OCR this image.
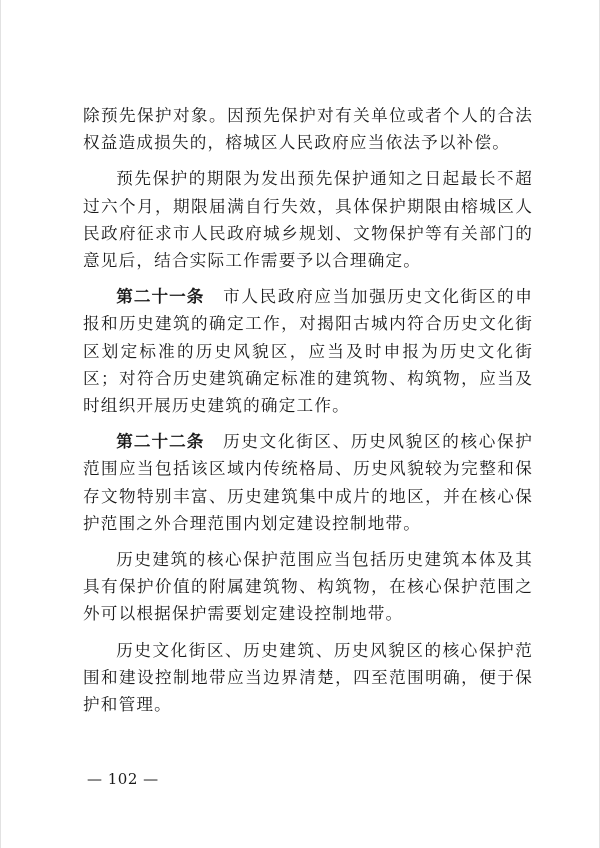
除预先保护对象。因预先保护对有关单位或者个人的合法权益造成损失的，榕城区人民政府应当依法予以补偿。

预先保护的期限为发出预先保护通知之日起最长不超过六个月，期限届满自行失效，具体保护期限由榕城区人民政府征求市人民政府城乡规划、文物保护等有关部门的意见后，结合实际工作需要予以合理确定。

第二十一条 市人民政府应当加强历史文化街区的申报和历史建筑的确定工作，对揭阳古城内符合历史文化街区划定标准的历史风貌区，应当及时申报为历史文化街区；对符合历史建筑确定标准的建筑物、构筑物，应当及时组织开展历史建筑的确定工作。

第二十二条 历史文化街区、历史风貌区的核心保护范围应当包括该区域内传统格局、历史风貌较为完整和保存文物特别丰富、历史建筑集中成片的地区，并在核心保护范围之外合理范围内划定建设控制地带。

历史建筑的核心保护范围应当包括历史建筑本体及其具有保护价值的附属建筑物、构筑物，在核心保护范围之外可以根据保护需要划定建设控制地带。

历史文化街区、历史建筑、历史风貌区的核心保护范围和建设控制地带应当边界清楚，四至范围明确，便于保护和管理。

— 102 —
